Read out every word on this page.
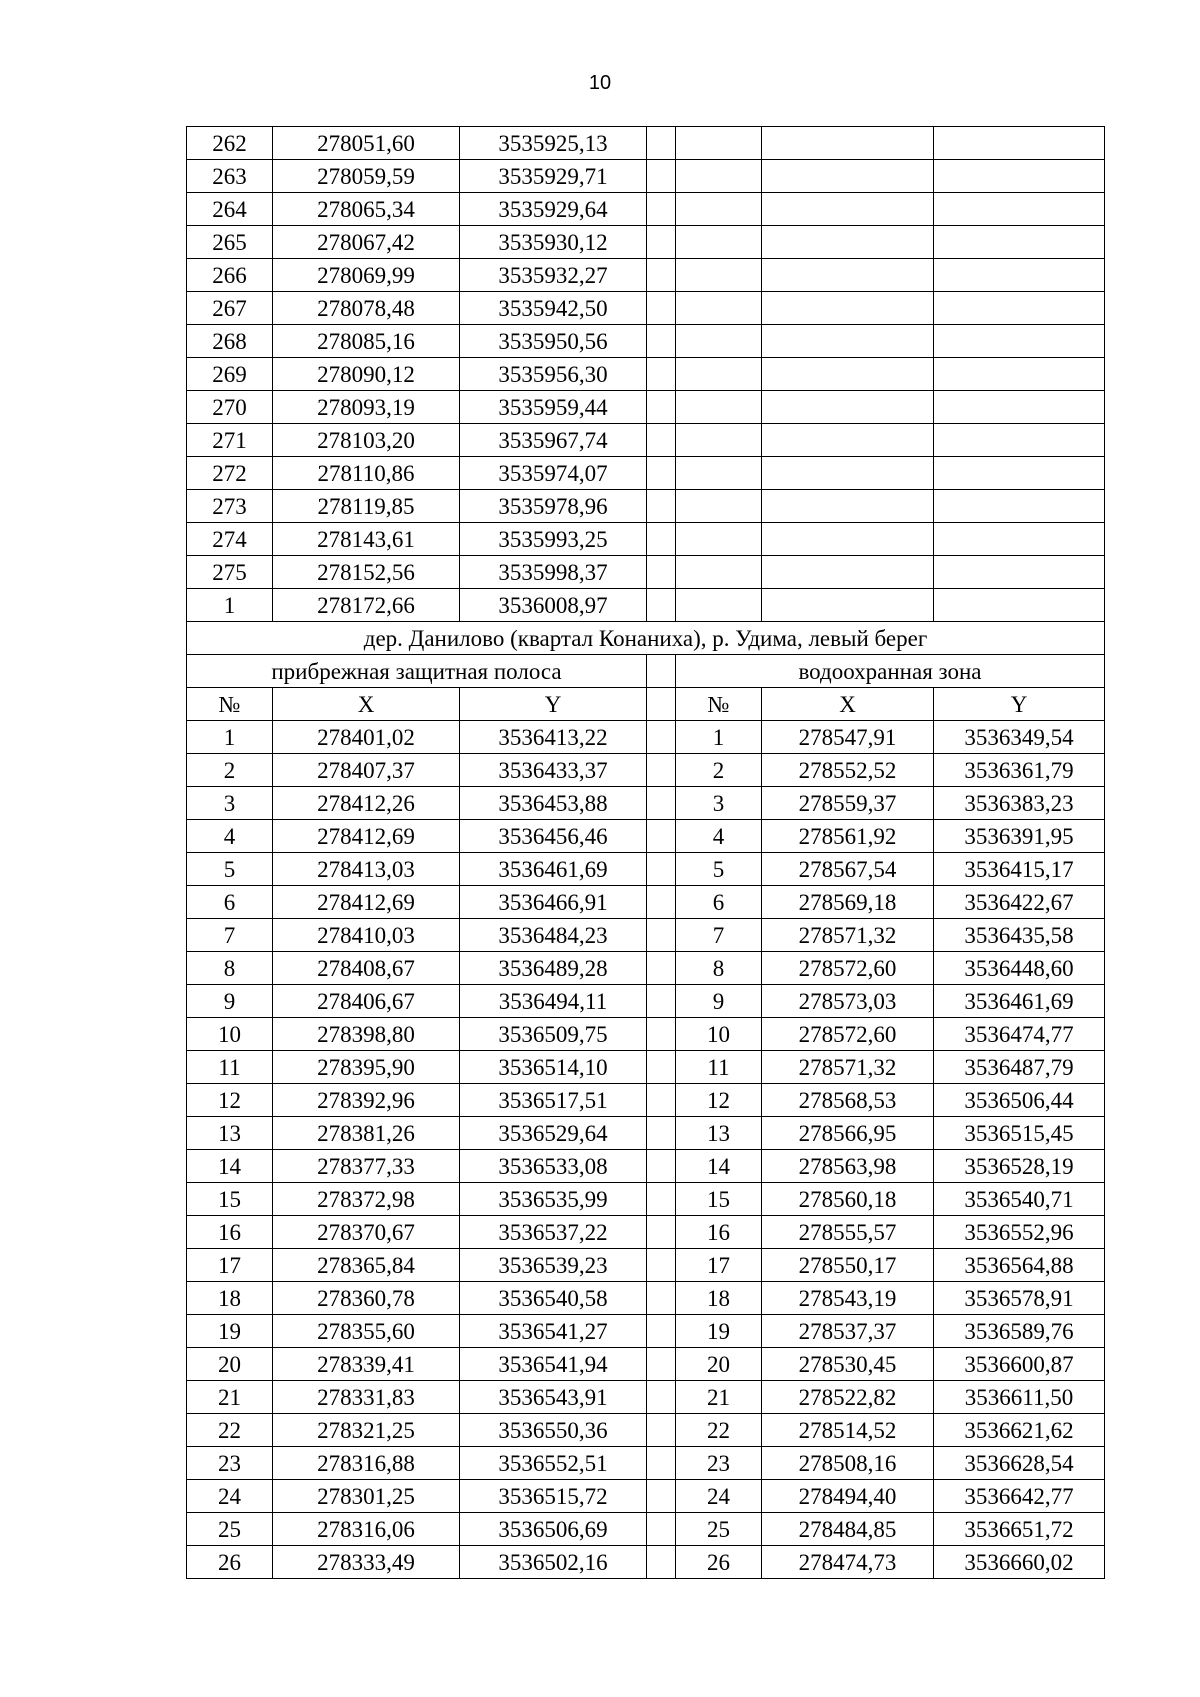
10
262	278051,60	3535925,13				
263	278059,59	3535929,71				
264	278065,34	3535929,64				
265	278067,42	3535930,12				
266	278069,99	3535932,27				
267	278078,48	3535942,50				
268	278085,16	3535950,56				
269	278090,12	3535956,30				
270	278093,19	3535959,44				
271	278103,20	3535967,74				
272	278110,86	3535974,07				
273	278119,85	3535978,96				
274	278143,61	3535993,25				
275	278152,56	3535998,37				
1	278172,66	3536008,97				
дер. Данилово (квартал Конаниха), р. Удима, левый берег						
прибрежная защитная полоса				водоохранная зона		
№	X	Y		№	X	Y
1	278401,02	3536413,22		1	278547,91	3536349,54
2	278407,37	3536433,37		2	278552,52	3536361,79
3	278412,26	3536453,88		3	278559,37	3536383,23
4	278412,69	3536456,46		4	278561,92	3536391,95
5	278413,03	3536461,69		5	278567,54	3536415,17
6	278412,69	3536466,91		6	278569,18	3536422,67
7	278410,03	3536484,23		7	278571,32	3536435,58
8	278408,67	3536489,28		8	278572,60	3536448,60
9	278406,67	3536494,11		9	278573,03	3536461,69
10	278398,80	3536509,75		10	278572,60	3536474,77
11	278395,90	3536514,10		11	278571,32	3536487,79
12	278392,96	3536517,51		12	278568,53	3536506,44
13	278381,26	3536529,64		13	278566,95	3536515,45
14	278377,33	3536533,08		14	278563,98	3536528,19
15	278372,98	3536535,99		15	278560,18	3536540,71
16	278370,67	3536537,22		16	278555,57	3536552,96
17	278365,84	3536539,23		17	278550,17	3536564,88
18	278360,78	3536540,58		18	278543,19	3536578,91
19	278355,60	3536541,27		19	278537,37	3536589,76
20	278339,41	3536541,94		20	278530,45	3536600,87
21	278331,83	3536543,91		21	278522,82	3536611,50
22	278321,25	3536550,36		22	278514,52	3536621,62
23	278316,88	3536552,51		23	278508,16	3536628,54
24	278301,25	3536515,72		24	278494,40	3536642,77
25	278316,06	3536506,69		25	278484,85	3536651,72
26	278333,49	3536502,16		26	278474,73	3536660,02
